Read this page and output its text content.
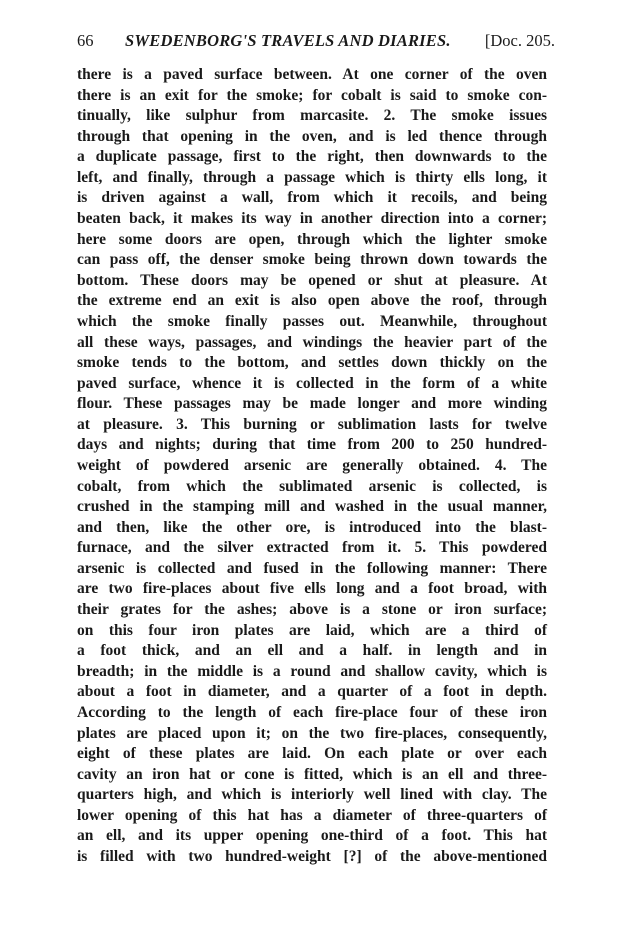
66 SWEDENBORG'S TRAVELS AND DIARIES. [Doc. 205.
there is a paved surface between. At one corner of the oven
there is an exit for the smoke; for cobalt is said to smoke con-
tinually, like sulphur from marcasite. 2. The smoke issues
through that opening in the oven, and is led thence through
a duplicate passage, first to the right, then downwards to the
left, and finally, through a passage which is thirty ells long, it
is driven against a wall, from which it recoils, and being
beaten back, it makes its way in another direction into a corner;
here some doors are open, through which the lighter smoke
can pass off, the denser smoke being thrown down towards the
bottom. These doors may be opened or shut at pleasure. At
the extreme end an exit is also open above the roof, through
which the smoke finally passes out. Meanwhile, throughout
all these ways, passages, and windings the heavier part of the
smoke tends to the bottom, and settles down thickly on the
paved surface, whence it is collected in the form of a white
flour. These passages may be made longer and more winding
at pleasure. 3. This burning or sublimation lasts for twelve
days and nights; during that time from 200 to 250 hundred-
weight of powdered arsenic are generally obtained. 4. The
cobalt, from which the sublimated arsenic is collected, is
crushed in the stamping mill and washed in the usual manner,
and then, like the other ore, is introduced into the blast-
furnace, and the silver extracted from it. 5. This powdered
arsenic is collected and fused in the following manner: There
are two fire-places about five ells long and a foot broad, with
their grates for the ashes; above is a stone or iron surface;
on this four iron plates are laid, which are a third of
a foot thick, and an ell and a half. in length and in
breadth; in the middle is a round and shallow cavity, which is
about a foot in diameter, and a quarter of a foot in depth.
According to the length of each fire-place four of these iron
plates are placed upon it; on the two fire-places, consequently,
eight of these plates are laid. On each plate or over each
cavity an iron hat or cone is fitted, which is an ell and three-
quarters high, and which is interiorly well lined with clay. The
lower opening of this hat has a diameter of three-quarters of
an ell, and its upper opening one-third of a foot. This hat
is filled with two hundred-weight [?] of the above-mentioned
